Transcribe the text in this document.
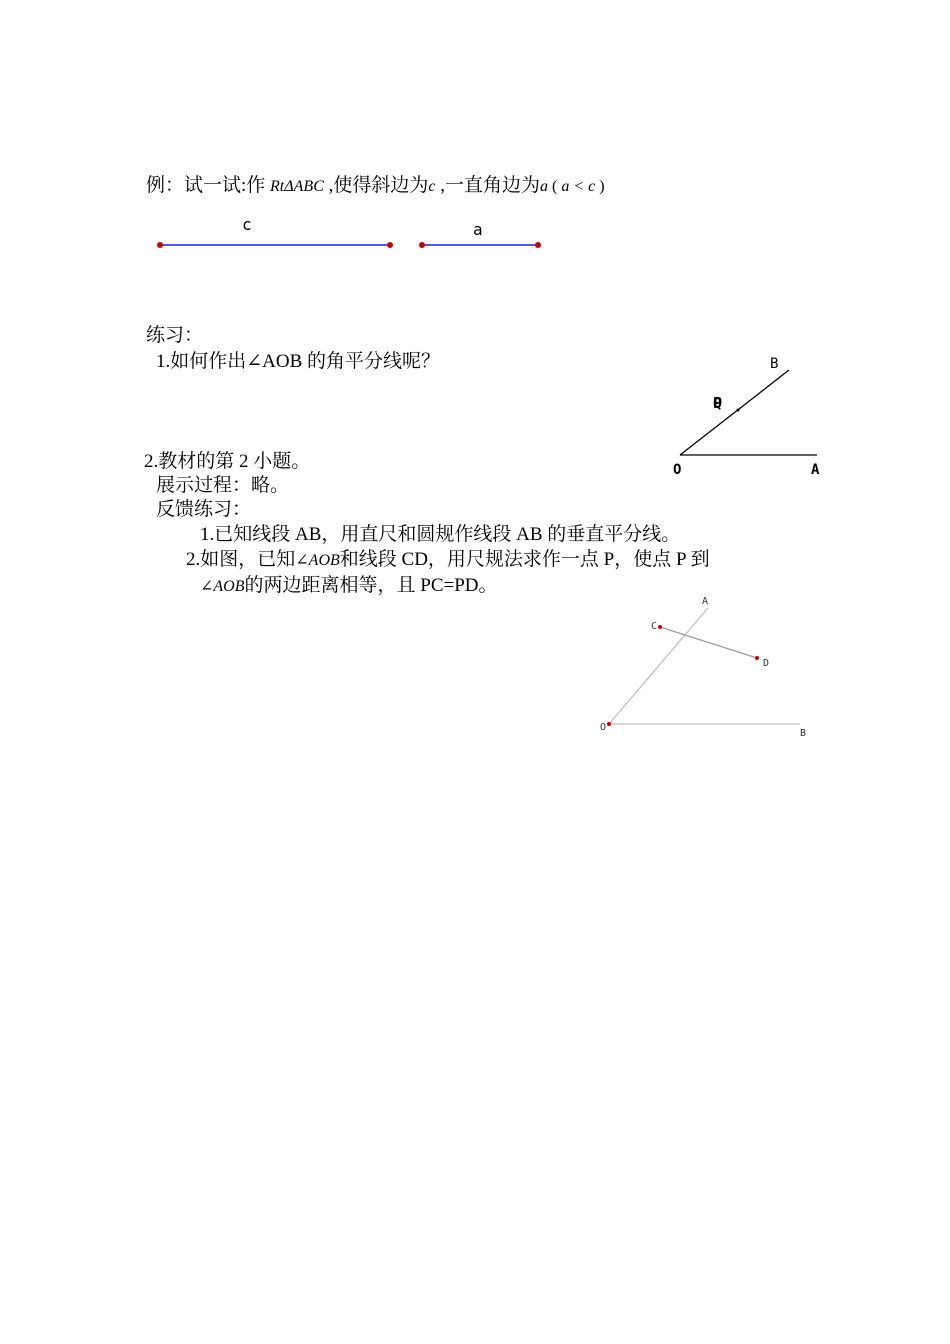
例：试一试:作 RtΔABC ,使得斜边为c ,一直角边为a ( a < c )
c	a
练习：
1.如何作出∠AOB 的角平分线呢？	B
O	A
PQ
2.教材的第 2 小题。
展示过程：略。
反馈练习：
1.已知线段 AB，用直尺和圆规作线段 AB 的垂直平分线。
2.如图，已知∠AOB和线段 CD，用尺规法求作一点 P，使点 P 到
∠AOB的两边距离相等，且 PC=PD。
A
C
D
O
B
